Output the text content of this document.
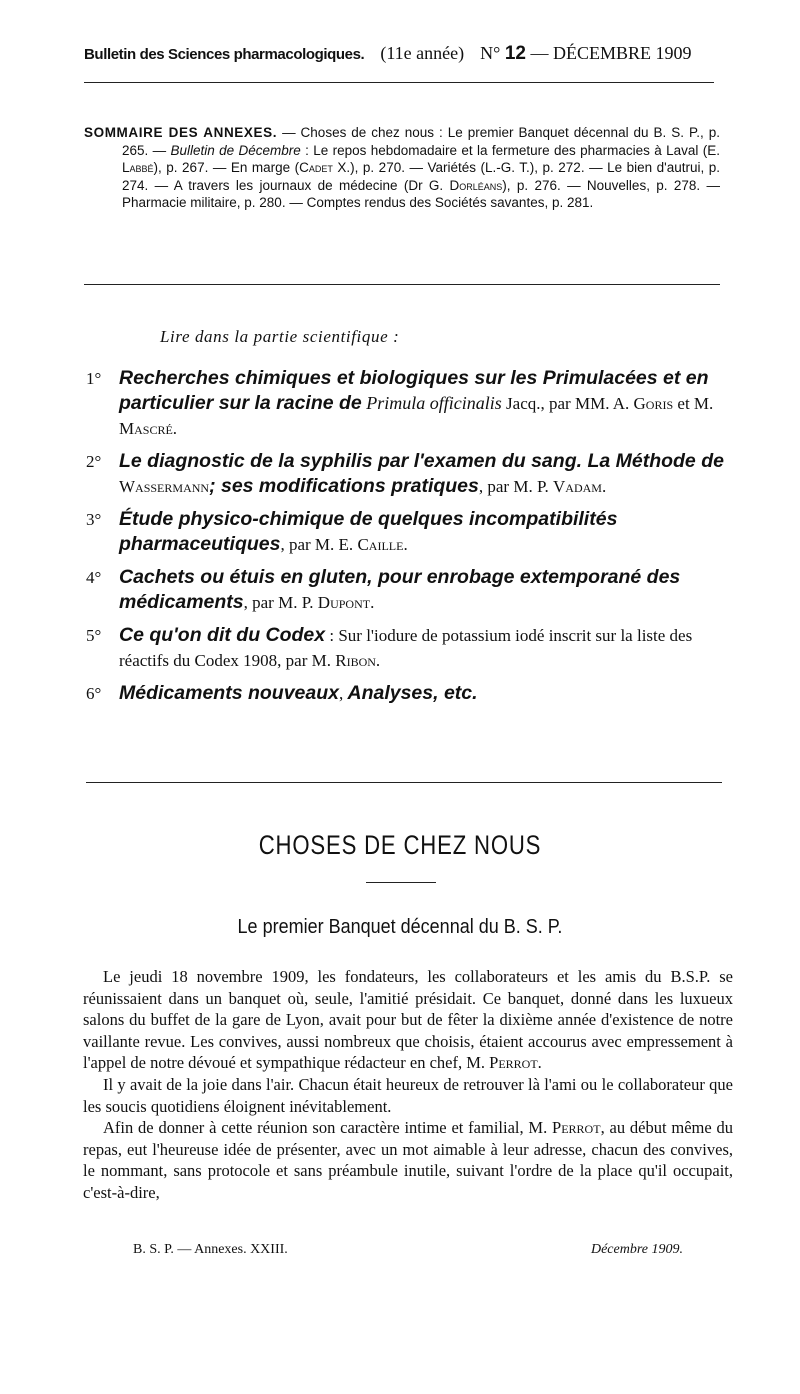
Bulletin des Sciences pharmacologiques. (11e année) N° 12 — DÉCEMBRE 1909

SOMMAIRE DES ANNEXES. — Choses de chez nous : Le premier Banquet décennal du B. S. P., p. 265. — Bulletin de Décembre : Le repos hebdomadaire et la fermeture des pharmacies à Laval (E. Labbé), p. 267. — En marge (Cadet X.), p. 270. — Variétés (L.-G. T.), p. 272. — Le bien d'autrui, p. 274. — A travers les journaux de médecine (Dr G. Dorléans), p. 276. — Nouvelles, p. 278. — Pharmacie militaire, p. 280. — Comptes rendus des Sociétés savantes, p. 281.

Lire dans la partie scientifique :
1° Recherches chimiques et biologiques sur les Primulacées et en particulier sur la racine de Primula officinalis Jacq., par MM. A. Goris et M. Mascré.
2° Le diagnostic de la syphilis par l'examen du sang. La Méthode de Wassermann; ses modifications pratiques, par M. P. Vadam.
3° Étude physico-chimique de quelques incompatibilités pharmaceutiques, par M. E. Caille.
4° Cachets ou étuis en gluten, pour enrobage extemporané des médicaments, par M. P. Dupont.
5° Ce qu'on dit du Codex : Sur l'iodure de potassium iodé inscrit sur la liste des réactifs du Codex 1908, par M. Ribon.
6° Médicaments nouveaux, Analyses, etc.
CHOSES DE CHEZ NOUS
Le premier Banquet décennal du B. S. P.

Le jeudi 18 novembre 1909, les fondateurs, les collaborateurs et les amis du B.S.P. se réunissaient dans un banquet où, seule, l'amitié présidait. Ce banquet, donné dans les luxueux salons du buffet de la gare de Lyon, avait pour but de fêter la dixième année d'existence de notre vaillante revue. Les convives, aussi nombreux que choisis, étaient accourus avec empressement à l'appel de notre dévoué et sympathique rédacteur en chef, M. Perrot.

Il y avait de la joie dans l'air. Chacun était heureux de retrouver là l'ami ou le collaborateur que les soucis quotidiens éloignent inévitablement.

Afin de donner à cette réunion son caractère intime et familial, M. Perrot, au début même du repas, eut l'heureuse idée de présenter, avec un mot aimable à leur adresse, chacun des convives, le nommant, sans protocole et sans préambule inutile, suivant l'ordre de la place qu'il occupait, c'est-à-dire,

B. S. P. — Annexes. XXIII.	Décembre 1909.
